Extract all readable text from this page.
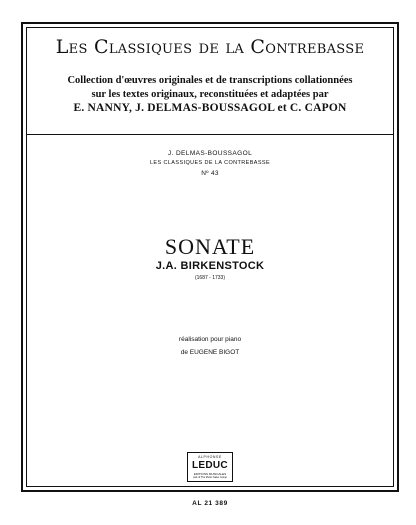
Les Classiques de la Contrebasse
Collection d'œuvres originales et de transcriptions collationnées
sur les textes originaux, reconstituées et adaptées par
E. NANNY, J. DELMAS-BOUSSAGOL et C. CAPON
J. DELMAS-BOUSSAGOL
LES CLASSIQUES DE LA CONTREBASSE
Nº 43
SONATE
J.A. BIRKENSTOCK
(1687 - 1733)
réalisation pour piano
de EUGENE BIGOT
ALPHONSE
LEDUC
EDITIONS MUSICALES
part of The Music Sales Group
AL 21 389
